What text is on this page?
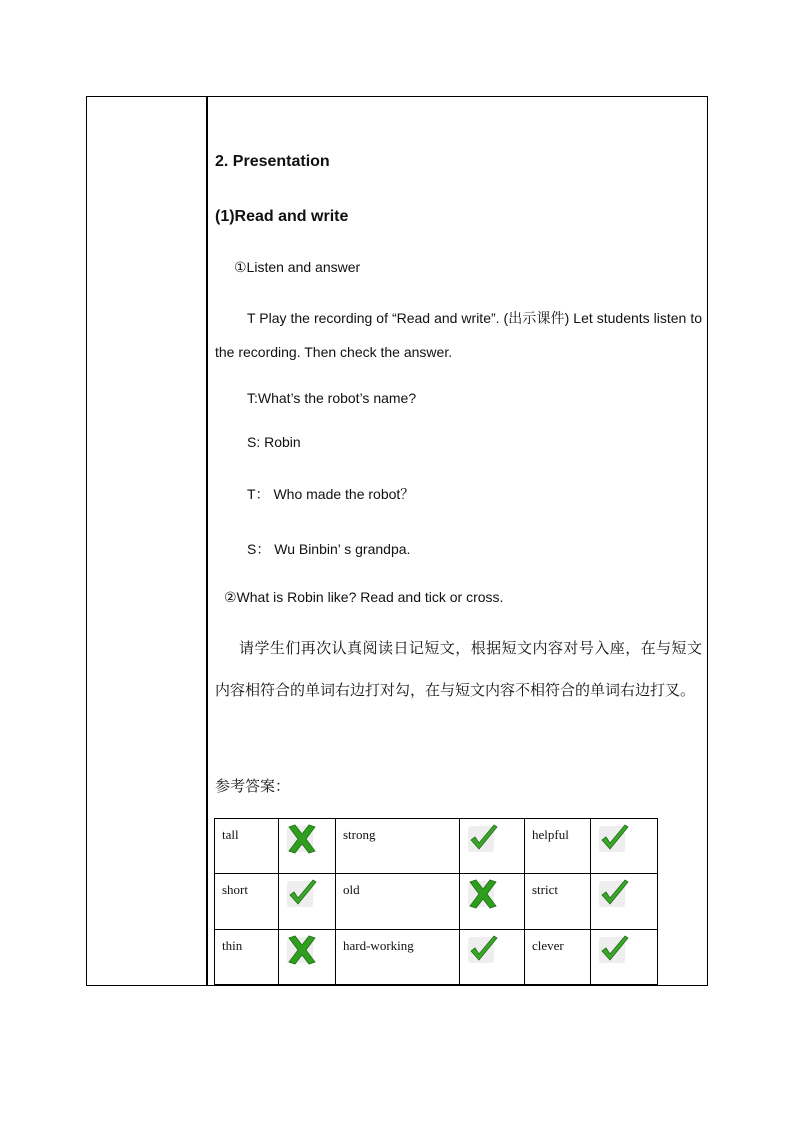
2. Presentation
(1)Read and write
①Listen and answer
T Play the recording of “Read and write”. (出示课件) Let students listen to the recording. Then check the answer.
T:What’s the robot’s name?
S: Robin
T： Who made the robot？
S： Wu Binbin’ s grandpa.
②What is Robin like? Read and tick or cross.
请学生们再次认真阅读日记短文，根据短文内容对号入座，在与短文内容相符合的单词右边打对勾，在与短文内容不相符合的单词右边打叉。
参考答案：
tall		strong		helpful	

short		old		strict	

thin		hard-working		clever	
